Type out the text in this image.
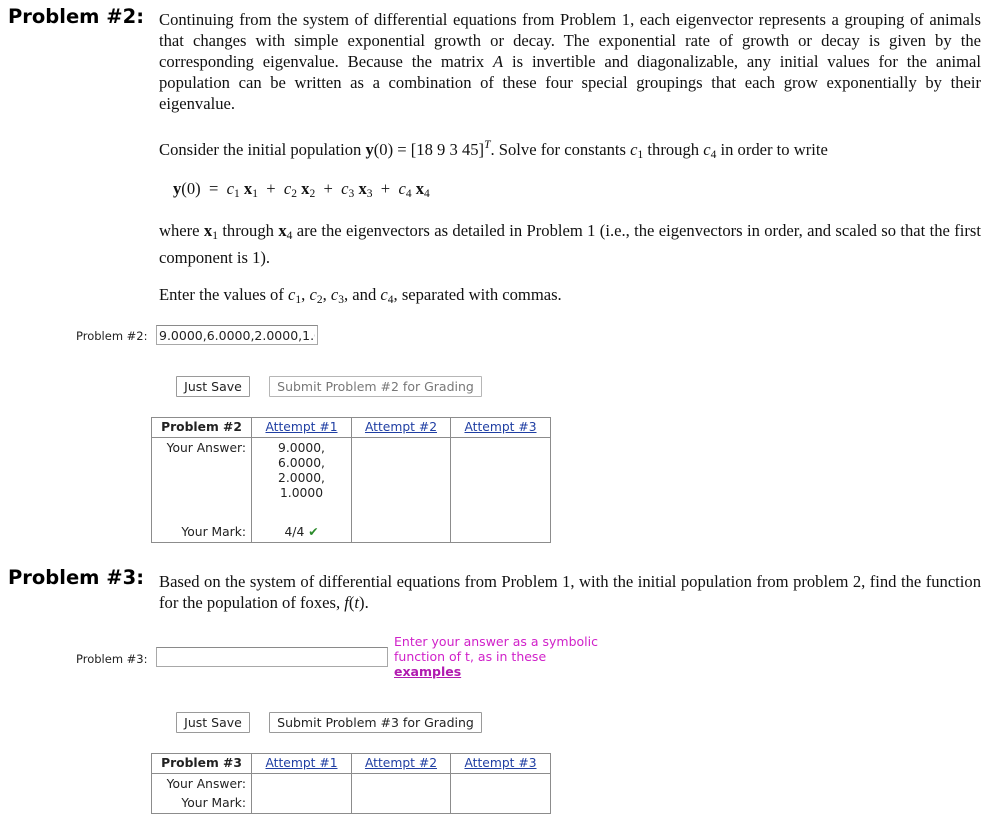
Problem #2: Continuing from the system of differential equations from Problem 1, each eigenvector represents a grouping of animals that changes with simple exponential growth or decay. The exponential rate of growth or decay is given by the corresponding eigenvalue. Because the matrix A is invertible and diagonalizable, any initial values for the animal population can be written as a combination of these four special groupings that each grow exponentially by their eigenvalue.
Consider the initial population y(0) = [18 9 3 45]$^T$. Solve for constants $c_1$ through $c_4$ in order to write
$y(0) = c_1$ $x_1 + c_2$ $x_2 + c_3$ $x_3 + c_4$ $x_4$
where $x_1$ through $x_4$ are the eigenvectors as detailed in Problem 1 (i.e., the eigenvectors in order, and scaled so that the first component is 1).
Enter the values of $c_1$, $c_2$, $c_3$, and $c_4$, separated with commas.
Problem #2:
9.0000,6.0000,2.0000,1.0000
Just Save	Submit Problem #2 for Grading
Problem #2	Attempt #1	Attempt #2	Attempt #3

Your Answer:	9.0000,
6.0000,
2.0000,
1.0000		

Your Mark:	4/4 ✔		
Problem #3: Based on the system of differential equations from Problem 1, with the initial population from problem 2, find the function for the population of foxes, f(t).
Problem #3:
Enter your answer as a symbolic
function of t, as in these
examples
Just Save	Submit Problem #3 for Grading
Problem #3	Attempt #1	Attempt #2	Attempt #3

Your Answer:			

Your Mark:			
